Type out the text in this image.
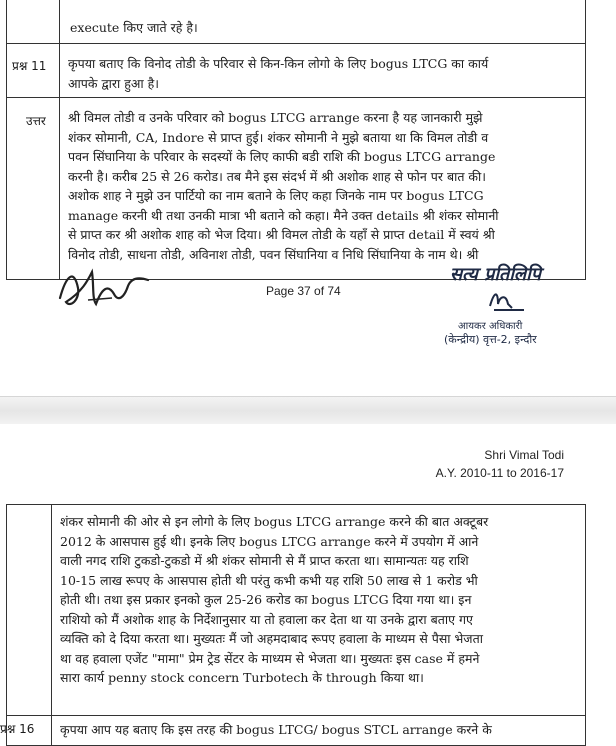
execute किए जाते रहे है।
प्रश्न 11 कृपया बताए कि विनोद तोडी के परिवार से किन-किन लोगो के लिए bogus LTCG का कार्य
आपके द्वारा हुआ है।
उत्तर श्री विमल तोडी व उनके परिवार को bogus LTCG arrange करना है यह जानकारी मुझे
शंकर सोमानी, CA, Indore से प्राप्त हुई। शंकर सोमानी ने मुझे बताया था कि विमल तोडी व
पवन सिंघानिया के परिवार के सदस्यों के लिए काफी बडी राशि की bogus LTCG arrange
करनी है। करीब 25 से 26 करोड। तब मैने इस संदर्भ में श्री अशोक शाह से फोन पर बात की।
अशोक शाह ने मुझे उन पार्टियो का नाम बताने के लिए कहा जिनके नाम पर bogus LTCG
manage करनी थी तथा उनकी मात्रा भी बताने को कहा। मैने उक्त details श्री शंकर सोमानी
से प्राप्त कर श्री अशोक शाह को भेज दिया। श्री विमल तोडी के यहाँ से प्राप्त detail में स्वयं श्री
विनोद तोडी, साधना तोडी, अविनाश तोडी, पवन सिंघानिया व निधि सिंघानिया के नाम थे। श्री
Page 37 of 74
सत्य प्रतिलिपि
आयकर अधिकारी
(केन्द्रीय) वृत्त-2, इन्दौर
Shri Vimal Todi
A.Y. 2010-11 to 2016-17
शंकर सोमानी की ओर से इन लोगो के लिए bogus LTCG arrange करने की बात अक्टूबर
2012 के आसपास हुई थी। इनके लिए bogus LTCG arrange करने में उपयोग में आने
वाली नगद राशि टुकडो-टुकडो में श्री शंकर सोमानी से मैं प्राप्त करता था। सामान्यतः यह राशि
10-15 लाख रूपए के आसपास होती थी परंतु कभी कभी यह राशि 50 लाख से 1 करोड भी
होती थी। तथा इस प्रकार इनको कुल 25-26 करोड का bogus LTCG दिया गया था। इन
राशियो को मैं अशोक शाह के निर्देशानुसार या तो हवाला कर देता था या उनके द्वारा बताए गए
व्यक्ति को दे दिया करता था। मुख्यतः मैं जो अहमदाबाद रूपए हवाला के माध्यम से पैसा भेजता
था वह हवाला एजेंट "मामा" प्रेम ट्रेड सेंटर के माध्यम से भेजता था। मुख्यतः इस case में हमने
सारा कार्य penny stock concern Turbotech के through किया था।
प्रश्न 16 कृपया आप यह बताए कि इस तरह की bogus LTCG/ bogus STCL arrange करने के
